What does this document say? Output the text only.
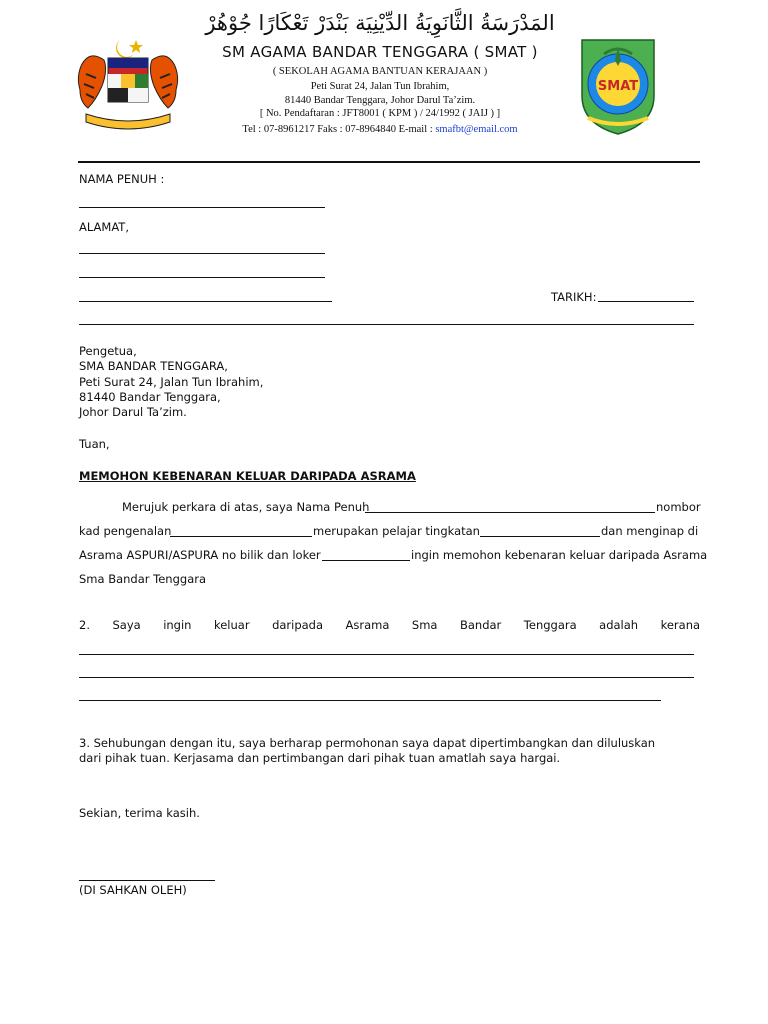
المَدْرَسَةُ الثَّانَوِيَةُ الدِّيْنِيَة بَنْدَرْ تَعْكَارًا جُوْهُرْ
SM AGAMA BANDAR TENGGARA ( SMAT )
( SEKOLAH AGAMA BANTUAN KERAJAAN )
Peti Surat 24, Jalan Tun Ibrahim,
81440 Bandar Tenggara, Johor Darul Ta’zim.
[ No. Pendaftaran : JFT8001 ( KPM ) / 24/1992 ( JAIJ ) ]
Tel : 07-8961217 Faks : 07-8964840 E-mail : smafbt@email.com
SMAT
NAMA PENUH :
ALAMAT,
TARIKH:
Pengetua,
SMA BANDAR TENGGARA,
Peti Surat 24, Jalan Tun Ibrahim,
81440 Bandar Tenggara,
Johor Darul Ta’zim.
Tuan,
MEMOHON KEBENARAN KELUAR DARIPADA ASRAMA
Merujuk perkara di atas, saya Nama Penuh	nombor
kad pengenalan	merupakan pelajar tingkatan	dan menginap di
Asrama ASPURI/ASPURA no bilik dan loker	ingin memohon kebenaran keluar daripada Asrama
Sma Bandar Tenggara
2. Saya ingin keluar daripada Asrama Sma Bandar Tenggara adalah kerana
3. Sehubungan dengan itu, saya berharap permohonan saya dapat dipertimbangkan dan diluluskan
dari pihak tuan. Kerjasama dan pertimbangan dari pihak tuan amatlah saya hargai.
Sekian, terima kasih.
(DI SAHKAN OLEH)
